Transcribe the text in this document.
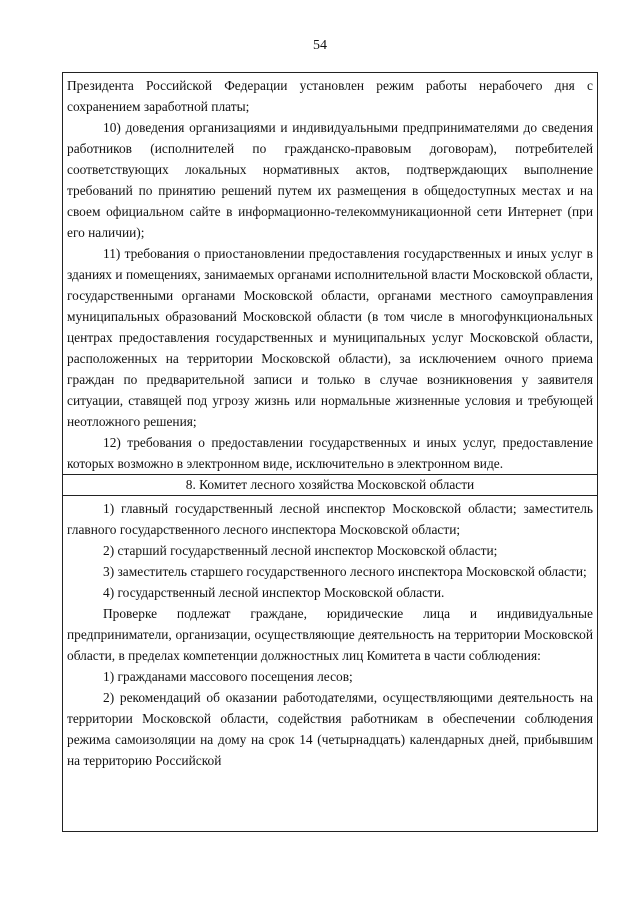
54

Президента Российской Федерации установлен режим работы нерабочего дня с сохранением заработной платы;

10) доведения организациями и индивидуальными предпринимателями до сведения работников (исполнителей по гражданско-правовым договорам), потребителей соответствующих локальных нормативных актов, подтверждающих выполнение требований по принятию решений путем их размещения в общедоступных местах и на своем официальном сайте в информационно-телекоммуникационной сети Интернет (при его наличии);

11) требования о приостановлении предоставления государственных и иных услуг в зданиях и помещениях, занимаемых органами исполнительной власти Московской области, государственными органами Московской области, органами местного самоуправления муниципальных образований Московской области (в том числе в многофункциональных центрах предоставления государственных и муниципальных услуг Московской области, расположенных на территории Московской области), за исключением очного приема граждан по предварительной записи и только в случае возникновения у заявителя ситуации, ставящей под угрозу жизнь или нормальные жизненные условия и требующей неотложного решения;

12) требования о предоставлении государственных и иных услуг, предоставление которых возможно в электронном виде, исключительно в электронном виде.

8. Комитет лесного хозяйства Московской области

1) главный государственный лесной инспектор Московской области; заместитель главного государственного лесного инспектора Московской области;

2) старший государственный лесной инспектор Московской области;

3) заместитель старшего государственного лесного инспектора Московской области;

4) государственный лесной инспектор Московской области.

Проверке подлежат граждане, юридические лица и индивидуальные предприниматели, организации, осуществляющие деятельность на территории Московской области, в пределах компетенции должностных лиц Комитета в части соблюдения:

1) гражданами массового посещения лесов;

2) рекомендаций об оказании работодателями, осуществляющими деятельность на территории Московской области, содействия работникам в обеспечении соблюдения режима самоизоляции на дому на срок 14 (четырнадцать) календарных дней, прибывшим на территорию Российской
